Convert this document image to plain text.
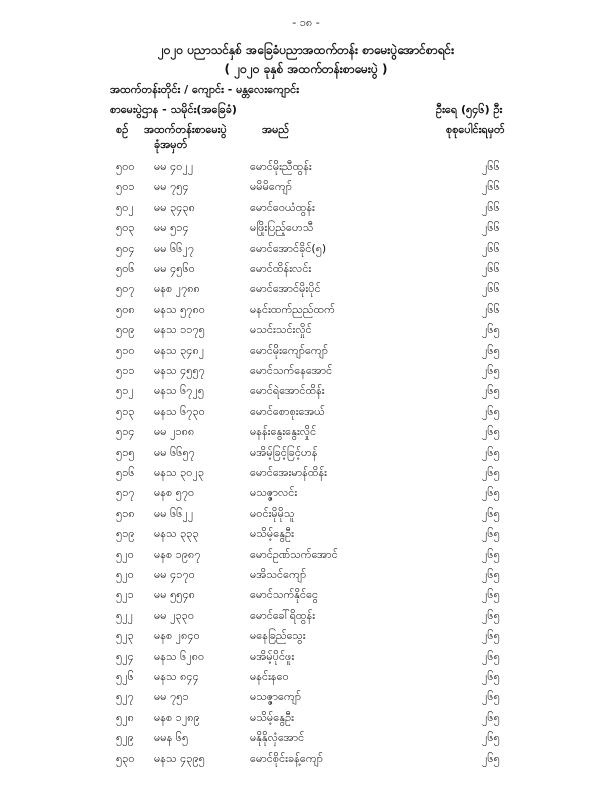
- ၁၈ -
၂၀၂၀ ပညာသင်နှစ် အခြေခံပညာအထက်တန်း စာမေးပွဲအောင်စာရင်း
( ၂၀၂၀ ခုနှစ် အထက်တန်းစာမေးပွဲ )
အထက်တန်းတိုင်း / ကျောင်း - မန္တလေးကျောင်း
စာမေးပွဲဌာန - သမိုင်း(အခြေခံ)	ဦးရေ (၅၄၆) ဦး
စဉ် အထက်တန်းစာမေးပွဲ
ခုံအမှတ်
အမည်	စုစုပေါင်းရမှတ်
၅၀၀ မမ ၄၀၂၂	မောင်မိုးညီထွန်း	၂၆၆
၅၀၁ မမ ၇၅၄	မမိမိကျော်	၂၆၆
၅၀၂ မမ ၃၄၃၈	မောင်ဝေယံထွန်း	၂၆၆
၅၀၃ မမ ၅၁၄	မဖြိုးပြည့်ဟေသီ	၂၆၆
၅၀၄ မမ ၆၆၂၇	မောင်အောင်ခိုင်(၅)	၂၆၆
၅၀၆ မမ ၄၅၆၀	မောင်ထိန်းလင်း	၂၆၆
၅၀၇ မနစ ၂၇၈၈	မောင်အောင်မိုးပိုင်	၂၆၆
၅၀၈ မနသ ၅၇၈၀	မနင်းထက်ညည်ထက်	၂၆၆
၅၀၉ မနသ ၁၁၇၅	မသင်းသင်းလှိုင်	၂၆၅
၅၁၀ မနသ ၃၄၈၂	မောင်မိုးကျော်ကျော်	၂၆၅
၅၁၁ မနသ ၄၅၅၇	မောင်သက်နေအောင်	၂၆၅
၅၁၂ မနသ ၆၇၂၅	မောင်ရဲအောင်ထိန်း	၂၆၅
၅၁၃ မနသ ၆၇၃၀	မောင်စောစုးအေယ်	၂၆၅
၅၁၄ မမ ၂၁၈၈	မနန်းနွေးနွေးလှိုင်	၂၆၅
၅၁၅ မမ ၆၆၅၇	မအိမ့်ခြင့်ခြင့်ဟန်	၂၆၅
၅၁၆ မနသ ၃၀၂၃	မောင်အေးမာန်ထိန်း	၂၆၅
၅၁၇ မနစ ၅၇၀	မသဇ္ဇာလင်း	၂၆၅
၅၁၈ မမ ၆၆၂၂	မဝင်းမိုမိုသူ	၂၆၅
၅၁၉ မနသ ၃၃၃	မသိမ့်နွေဦး	၂၆၅
၅၂၀ မနစ ၁၉၈၇	မောင်ဥဏ်သက်အောင်	၂၆၅
၅၂၀ မမ ၄၁၇၀	မအိသင်ကျော်	၂၆၅
၅၂၁ မမ ၅၅၄၈	မောင်သက်နိုင်ငွေ	၂၆၅
၅၂၂ မမ ၂၃၃၀	မောင်ခေါ်ရိထွန်း	၂၆၅
၅၂၃ မနစ ၂၈၄၀	မနေခြည်သွေး	၂၆၅
၅၂၄ မနသ ၆၂၈၀	မအိမ့်ပိုင်ဖူး	၂၆၅
၅၂၆ မနသ ၈၄၄	မနင်းနဝေ	၂၆၅
၅၂၇ မမ ၇၅၁	မသဇ္ဇာကျော်	၂၆၅
၅၂၈ မနစ ၁၂၈၉	မသိမ့်နွေဦး	၂၆၅
၅၂၉ မမန ၆၅	မနိုနိုလှံအောင်	၂၆၅
၅၃၀ မနသ ၄၃၉၅	မောင်စိုင်းခန့်ကျော်	၂၆၅
